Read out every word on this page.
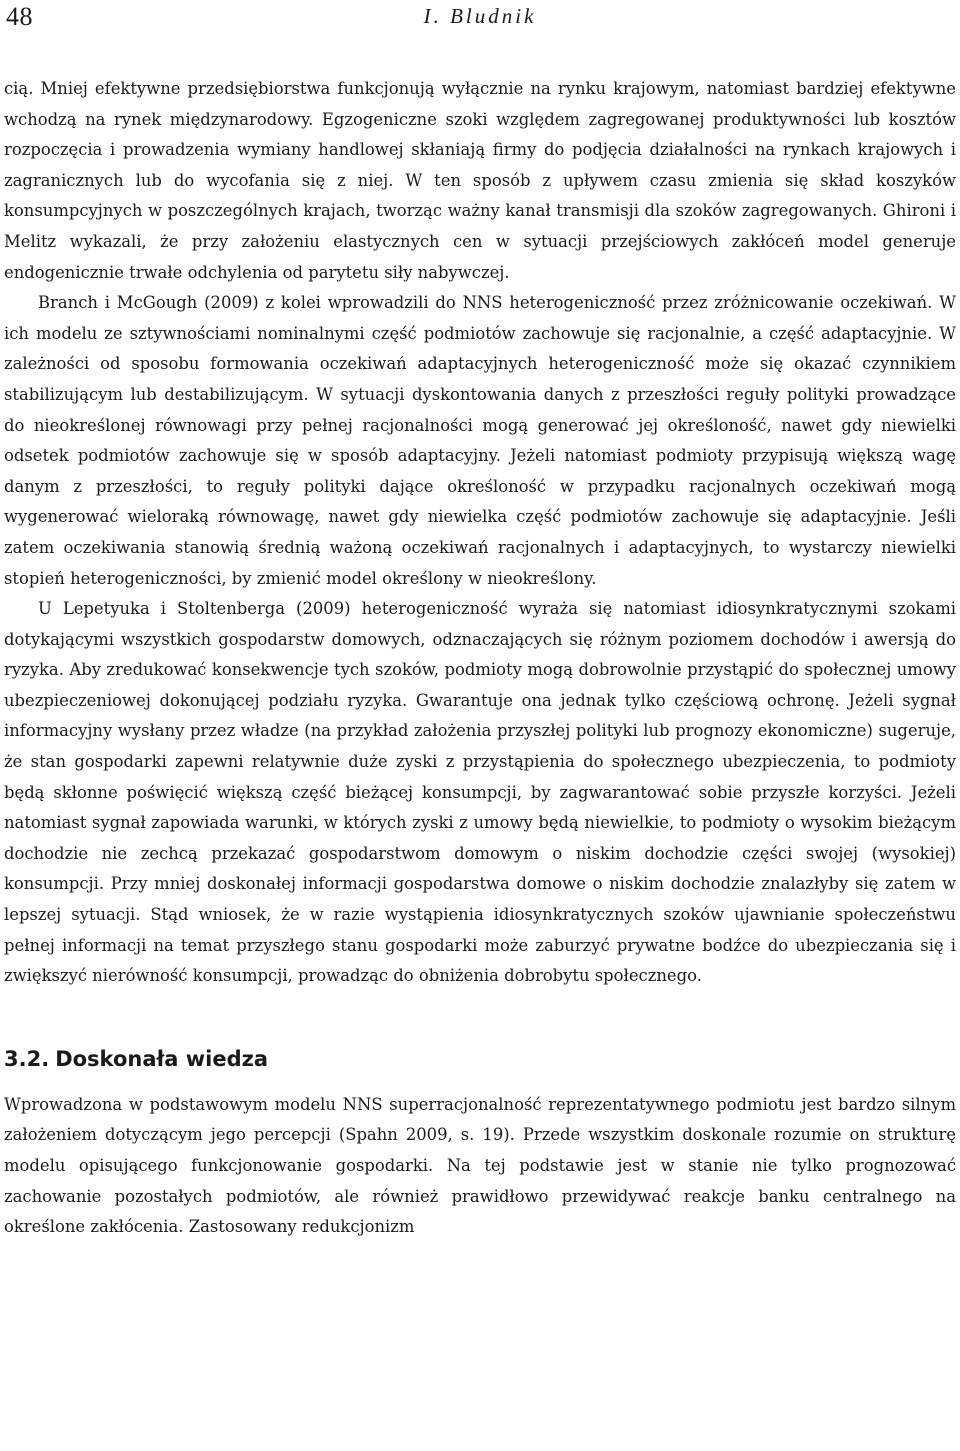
48	I. Bludnik

cią. Mniej efektywne przedsiębiorstwa funkcjonują wyłącznie na rynku krajowym, natomiast bardziej efektywne wchodzą na rynek międzynarodowy. Egzogeniczne szoki względem zagregowanej produktywności lub kosztów rozpoczęcia i prowadzenia wymiany handlowej skłaniają firmy do podjęcia działalności na rynkach krajowych i zagranicznych lub do wycofania się z niej. W ten sposób z upływem czasu zmienia się skład koszyków konsumpcyjnych w poszczególnych krajach, tworząc ważny kanał transmisji dla szoków zagregowanych. Ghironi i Melitz wykazali, że przy założeniu elastycznych cen w sytuacji przejściowych zakłóceń model generuje endogenicznie trwałe odchylenia od parytetu siły nabywczej.

Branch i McGough (2009) z kolei wprowadzili do NNS heterogeniczność przez zróżnicowanie oczekiwań. W ich modelu ze sztywnościami nominalnymi część podmiotów zachowuje się racjonalnie, a część adaptacyjnie. W zależności od sposobu formowania oczekiwań adaptacyjnych heterogeniczność może się okazać czynnikiem stabilizującym lub destabilizującym. W sytuacji dyskontowania danych z przeszłości reguły polityki prowadzące do nieokreślonej równowagi przy pełnej racjonalności mogą generować jej określoność, nawet gdy niewielki odsetek podmiotów zachowuje się w sposób adaptacyjny. Jeżeli natomiast podmioty przypisują większą wagę danym z przeszłości, to reguły polityki dające określoność w przypadku racjonalnych oczekiwań mogą wygenerować wieloraką równowagę, nawet gdy niewielka część podmiotów zachowuje się adaptacyjnie. Jeśli zatem oczekiwania stanowią średnią ważoną oczekiwań racjonalnych i adaptacyjnych, to wystarczy niewielki stopień heterogeniczności, by zmienić model określony w nieokreślony.

U Lepetyuka i Stoltenberga (2009) heterogeniczność wyraża się natomiast idiosynkratycznymi szokami dotykającymi wszystkich gospodarstw domowych, odznaczających się różnym poziomem dochodów i awersją do ryzyka. Aby zredukować konsekwencje tych szoków, podmioty mogą dobrowolnie przystąpić do społecznej umowy ubezpieczeniowej dokonującej podziału ryzyka. Gwarantuje ona jednak tylko częściową ochronę. Jeżeli sygnał informacyjny wysłany przez władze (na przykład założenia przyszłej polityki lub prognozy ekonomiczne) sugeruje, że stan gospodarki zapewni relatywnie duże zyski z przystąpienia do społecznego ubezpieczenia, to podmioty będą skłonne poświęcić większą część bieżącej konsumpcji, by zagwarantować sobie przyszłe korzyści. Jeżeli natomiast sygnał zapowiada warunki, w których zyski z umowy będą niewielkie, to podmioty o wysokim bieżącym dochodzie nie zechcą przekazać gospodarstwom domowym o niskim dochodzie części swojej (wysokiej) konsumpcji. Przy mniej doskonałej informacji gospodarstwa domowe o niskim dochodzie znalazłyby się zatem w lepszej sytuacji. Stąd wniosek, że w razie wystąpienia idiosynkratycznych szoków ujawnianie społeczeństwu pełnej informacji na temat przyszłego stanu gospodarki może zaburzyć prywatne bodźce do ubezpieczania się i zwiększyć nierówność konsumpcji, prowadząc do obniżenia dobrobytu społecznego.

3.2. Doskonała wiedza

Wprowadzona w podstawowym modelu NNS superracjonalność reprezentatywnego podmiotu jest bardzo silnym założeniem dotyczącym jego percepcji (Spahn 2009, s. 19). Przede wszystkim doskonale rozumie on strukturę modelu opisującego funkcjonowanie gospodarki. Na tej podstawie jest w stanie nie tylko prognozować zachowanie pozostałych podmiotów, ale również prawidłowo przewidywać reakcje banku centralnego na określone zakłócenia. Zastosowany redukcjonizm
